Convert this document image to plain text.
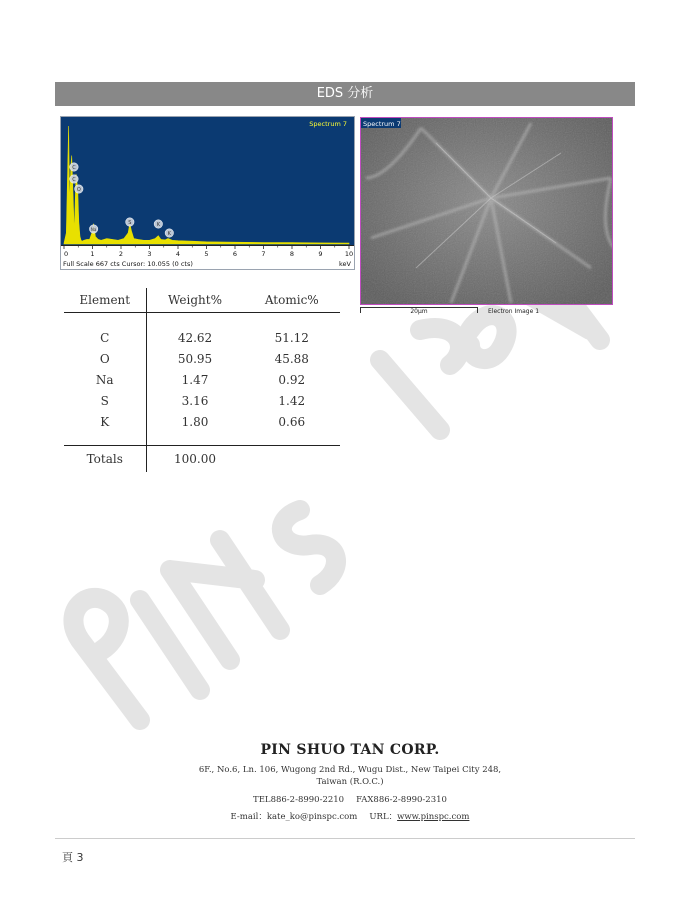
EDS 分析
Spectrum 7
C
C
O
Na
S	K
K
0	1	2	3	4	5	6	7	8	9	10
Full Scale 667 cts Cursor: 10.055 (0 cts)	keV
Spectrum 7
20µm	Electron Image 1
Element	Weight%	Atomic%

C	42.62	51.12
O	50.95	45.88
Na	1.47	0.92
S	3.16	1.42
K	1.80	0.66

Totals	100.00	
PIN SHUO TAN CORP.
6F., No.6, Ln. 106, Wugong 2nd Rd., Wugu Dist., New Taipei City 248,
Taiwan (R.O.C.)
TEL886-2-8990-2210 FAX886-2-8990-2310
E-mail：kate_ko@pinspc.com URL：www.pinspc.com
頁 3
